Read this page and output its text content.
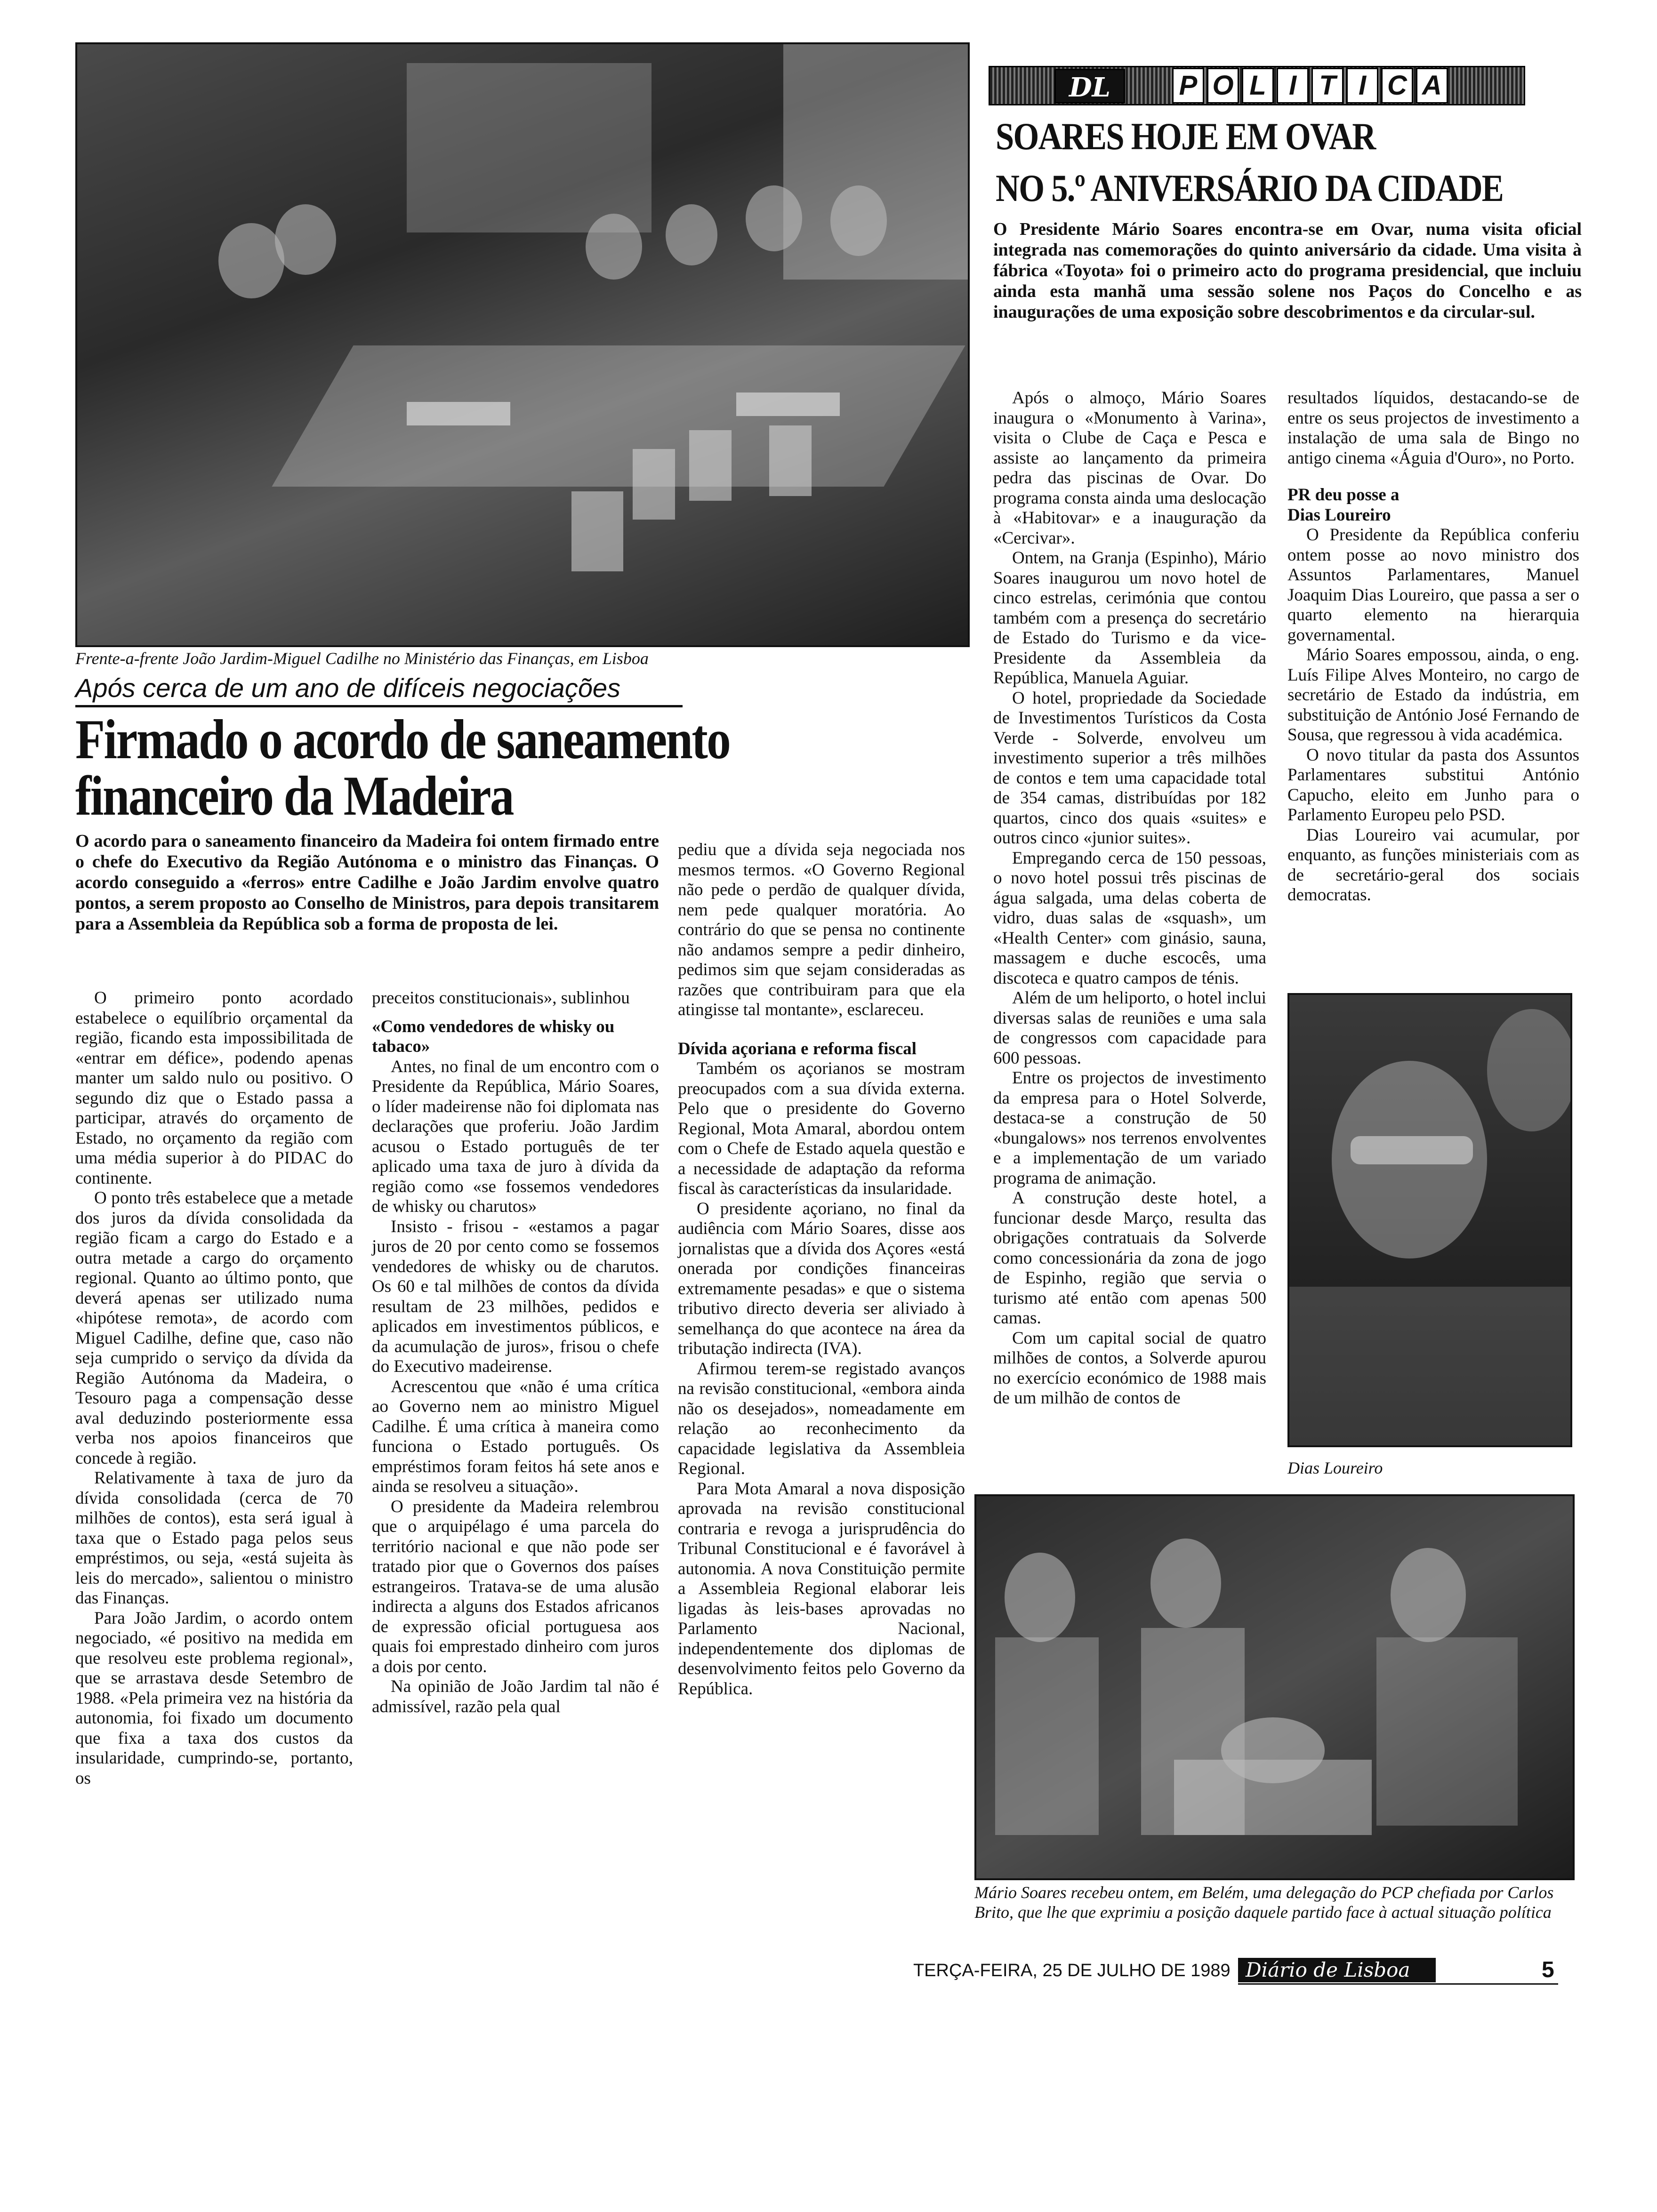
Frente-a-frente João Jardim-Miguel Cadilhe no Ministério das Finanças, em Lisboa
Após cerca de um ano de difíceis negociações
Firmado o acordo de saneamento
financeiro da Madeira
O acordo para o saneamento financeiro da Madeira foi ontem firmado entre o chefe do Executivo da Região Autónoma e o ministro das Finanças. O acordo conseguido a «ferros» entre Cadilhe e João Jardim envolve quatro pontos, a serem proposto ao Conselho de Ministros, para depois transitarem para a Assembleia da República sob a forma de proposta de lei.

O primeiro ponto acordado estabelece o equilíbrio orçamental da região, ficando esta impossibilitada de «entrar em défice», podendo apenas manter um saldo nulo ou positivo. O segundo diz que o Estado passa a participar, através do orçamento de Estado, no orçamento da região com uma média superior à do PIDAC do continente.

O ponto três estabelece que a metade dos juros da dívida consolidada da região ficam a cargo do Estado e a outra metade a cargo do orçamento regional. Quanto ao último ponto, que deverá apenas ser utilizado numa «hipótese remota», de acordo com Miguel Cadilhe, define que, caso não seja cumprido o serviço da dívida da Região Autónoma da Madeira, o Tesouro paga a compensação desse aval deduzindo posteriormente essa verba nos apoios financeiros que concede à região.

Relativamente à taxa de juro da dívida consolidada (cerca de 70 milhões de contos), esta será igual à taxa que o Estado paga pelos seus empréstimos, ou seja, «está sujeita às leis do mercado», salientou o ministro das Finanças.

Para João Jardim, o acordo ontem negociado, «é positivo na medida em que resolveu este problema regional», que se arrastava desde Setembro de 1988. «Pela primeira vez na história da autonomia, foi fixado um documento que fixa a taxa dos custos da insularidade, cumprindo-se, portanto, os

preceitos constitucionais», sublinhou

«Como vendedores de whisky ou tabaco»

Antes, no final de um encontro com o Presidente da República, Mário Soares, o líder madeirense não foi diplomata nas declarações que proferiu. João Jardim acusou o Estado português de ter aplicado uma taxa de juro à dívida da região como «se fossemos vendedores de whisky ou charutos»

Insisto - frisou - «estamos a pagar juros de 20 por cento como se fossemos vendedores de whisky ou de charutos. Os 60 e tal milhões de contos da dívida resultam de 23 milhões, pedidos e aplicados em investimentos públicos, e da acumulação de juros», frisou o chefe do Executivo madeirense.

Acrescentou que «não é uma crítica ao Governo nem ao ministro Miguel Cadilhe. É uma crítica à maneira como funciona o Estado português. Os empréstimos foram feitos há sete anos e ainda se resolveu a situação».

O presidente da Madeira relembrou que o arquipélago é uma parcela do território nacional e que não pode ser tratado pior que o Governos dos países estrangeiros. Tratava-se de uma alusão indirecta a alguns dos Estados africanos de expressão oficial portuguesa aos quais foi emprestado dinheiro com juros a dois por cento.

Na opinião de João Jardim tal não é admissível, razão pela qual

pediu que a dívida seja negociada nos mesmos termos. «O Governo Regional não pede o perdão de qualquer dívida, nem pede qualquer moratória. Ao contrário do que se pensa no continente não andamos sempre a pedir dinheiro, pedimos sim que sejam consideradas as razões que contribuiram para que ela atingisse tal montante», esclareceu.

Dívida açoriana e reforma fiscal

Também os açorianos se mostram preocupados com a sua dívida externa. Pelo que o presidente do Governo Regional, Mota Amaral, abordou ontem com o Chefe de Estado aquela questão e a necessidade de adaptação da reforma fiscal às características da insularidade.

O presidente açoriano, no final da audiência com Mário Soares, disse aos jornalistas que a dívida dos Açores «está onerada por condições financeiras extremamente pesadas» e que o sistema tributivo directo deveria ser aliviado à semelhança do que acontece na área da tributação indirecta (IVA).

Afirmou terem-se registado avanços na revisão constitucional, «embora ainda não os desejados», nomeadamente em relação ao reconhecimento da capacidade legislativa da Assembleia Regional.

Para Mota Amaral a nova disposição aprovada na revisão constitucional contraria e revoga a jurisprudência do Tribunal Constitucional e é favorável à autonomia. A nova Constituição permite a Assembleia Regional elaborar leis ligadas às leis-bases aprovadas no Parlamento Nacional, independentemente dos diplomas de desenvolvimento feitos pelo Governo da República.

DL	P O L I T I C A
SOARES HOJE EM OVAR
NO 5.º ANIVERSÁRIO DA CIDADE
O Presidente Mário Soares encontra-se em Ovar, numa visita oficial integrada nas comemorações do quinto aniversário da cidade. Uma visita à fábrica «Toyota» foi o primeiro acto do programa presidencial, que incluiu ainda esta manhã uma sessão solene nos Paços do Concelho e as inaugurações de uma exposição sobre descobrimentos e da circular-sul.

Após o almoço, Mário Soares inaugura o «Monumento à Varina», visita o Clube de Caça e Pesca e assiste ao lançamento da primeira pedra das piscinas de Ovar. Do programa consta ainda uma deslocação à «Habitovar» e a inauguração da «Cercivar».

Ontem, na Granja (Espinho), Mário Soares inaugurou um novo hotel de cinco estrelas, cerimónia que contou também com a presença do secretário de Estado do Turismo e da vice-Presidente da Assembleia da República, Manuela Aguiar.

O hotel, propriedade da Sociedade de Investimentos Turísticos da Costa Verde - Solverde, envolveu um investimento superior a três milhões de contos e tem uma capacidade total de 354 camas, distribuídas por 182 quartos, cinco dos quais «suites» e outros cinco «junior suites».

Empregando cerca de 150 pessoas, o novo hotel possui três piscinas de água salgada, uma delas coberta de vidro, duas salas de «squash», um «Health Center» com ginásio, sauna, massagem e duche escocês, uma discoteca e quatro campos de ténis.

Além de um heliporto, o hotel inclui diversas salas de reuniões e uma sala de congressos com capacidade para 600 pessoas.

Entre os projectos de investimento da empresa para o Hotel Solverde, destaca-se a construção de 50 «bungalows» nos terrenos envolventes e a implementação de um variado programa de animação.

A construção deste hotel, a funcionar desde Março, resulta das obrigações contratuais da Solverde como concessionária da zona de jogo de Espinho, região que servia o turismo até então com apenas 500 camas.

Com um capital social de quatro milhões de contos, a Solverde apurou no exercício económico de 1988 mais de um milhão de contos de

resultados líquidos, destacando-se de entre os seus projectos de investimento a instalação de uma sala de Bingo no antigo cinema «Águia d'Ouro», no Porto.

PR deu posse a Dias Loureiro

O Presidente da República conferiu ontem posse ao novo ministro dos Assuntos Parlamentares, Manuel Joaquim Dias Loureiro, que passa a ser o quarto elemento na hierarquia governamental.

Mário Soares empossou, ainda, o eng. Luís Filipe Alves Monteiro, no cargo de secretário de Estado da indústria, em substituição de António José Fernando de Sousa, que regressou à vida académica.

O novo titular da pasta dos Assuntos Parlamentares substitui António Capucho, eleito em Junho para o Parlamento Europeu pelo PSD.

Dias Loureiro vai acumular, por enquanto, as funções ministeriais com as de secretário-geral dos sociais democratas.

Dias Loureiro
Mário Soares recebeu ontem, em Belém, uma delegação do PCP chefiada por Carlos Brito, que lhe que exprimiu a posição daquele partido face à actual situação política
TERÇA-FEIRA, 25 DE JULHO DE 1989 Diário de Lisboa	5
